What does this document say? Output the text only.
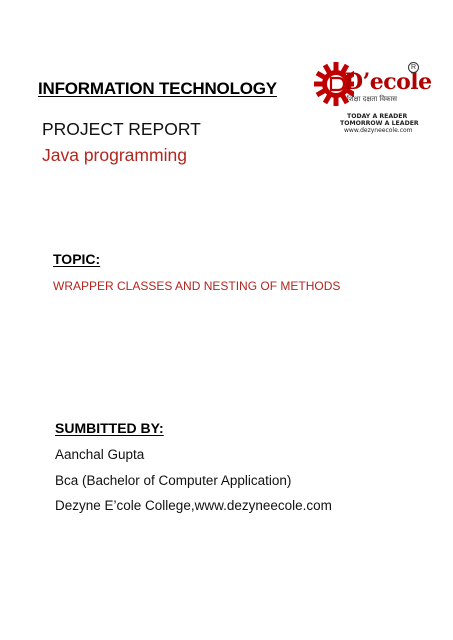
INFORMATION TECHNOLOGY	D’ecole
R
शिक्षा दक्षता विकास
TODAY A READER
TOMORROW A LEADER
www.dezyneecole.com
PROJECT REPORT
Java programming
TOPIC:
WRAPPER CLASSES AND NESTING OF METHODS
SUMBITTED BY:
Aanchal Gupta
Bca (Bachelor of Computer Application)
Dezyne E’cole College,www.dezyneecole.com
